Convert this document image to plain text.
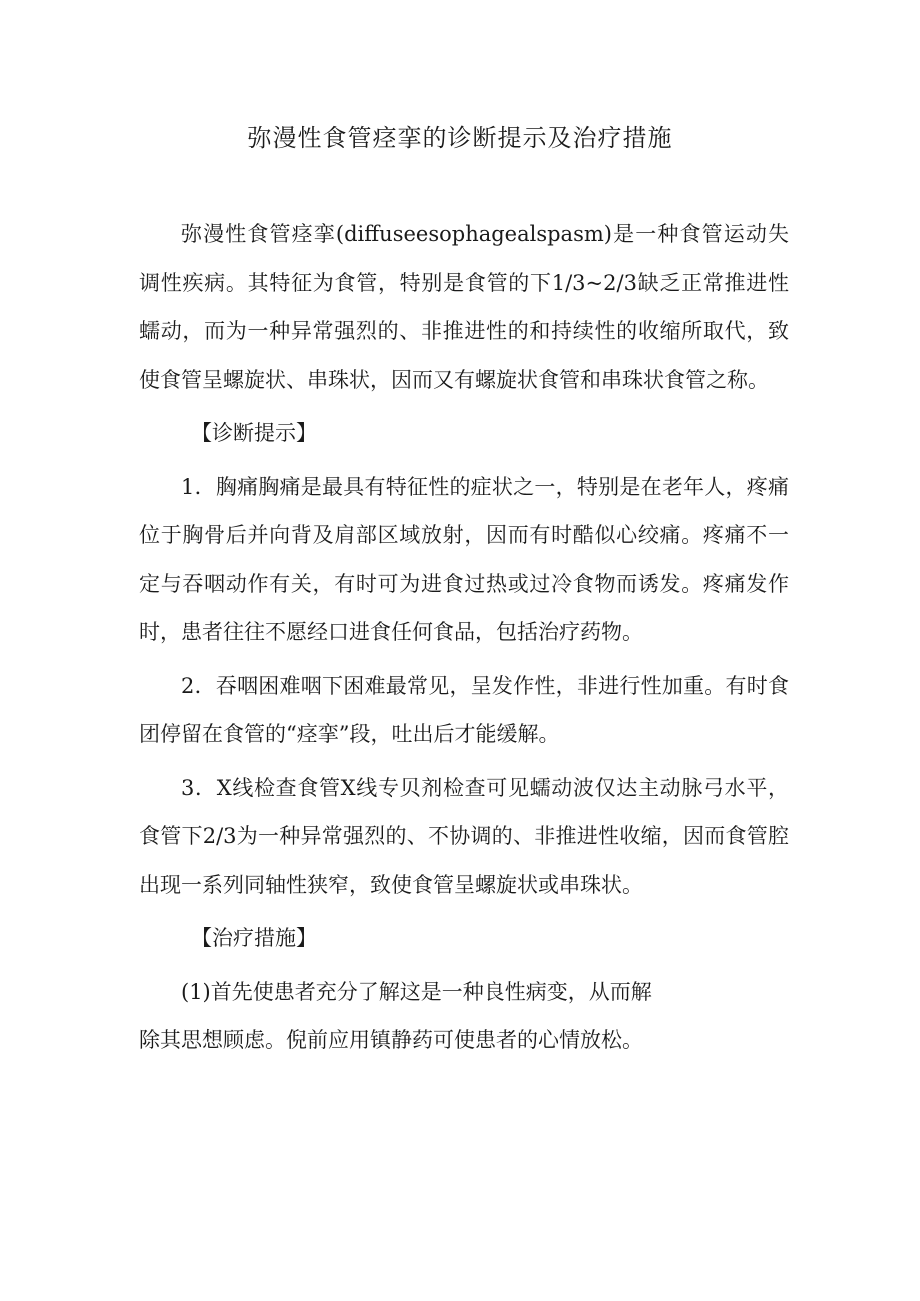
弥漫性食管痉挛的诊断提示及治疗措施

弥漫性食管痉挛(diffuseesophagealspasm)是一种食管运动失调性疾病。其特征为食管，特别是食管的下1/3~2/3缺乏正常推进性蠕动，而为一种异常强烈的、非推进性的和持续性的收缩所取代，致使食管呈螺旋状、串珠状，因而又有螺旋状食管和串珠状食管之称。

【诊断提示】

1．胸痛胸痛是最具有特征性的症状之一，特别是在老年人，疼痛位于胸骨后并向背及肩部区域放射，因而有时酷似心绞痛。疼痛不一定与吞咽动作有关，有时可为进食过热或过冷食物而诱发。疼痛发作时，患者往往不愿经口进食任何食品，包括治疗药物。

2．吞咽困难咽下困难最常见，呈发作性，非进行性加重。有时食团停留在食管的“痉挛”段，吐出后才能缓解。

3．X线检查食管X线专贝剂检查可见蠕动波仅达主动脉弓水平，食管下2/3为一种异常强烈的、不协调的、非推进性收缩，因而食管腔出现一系列同轴性狭窄，致使食管呈螺旋状或串珠状。

【治疗措施】

(1)首先使患者充分了解这是一种良性病变，从而解
除其思想顾虑。倪前应用镇静药可使患者的心情放松。
